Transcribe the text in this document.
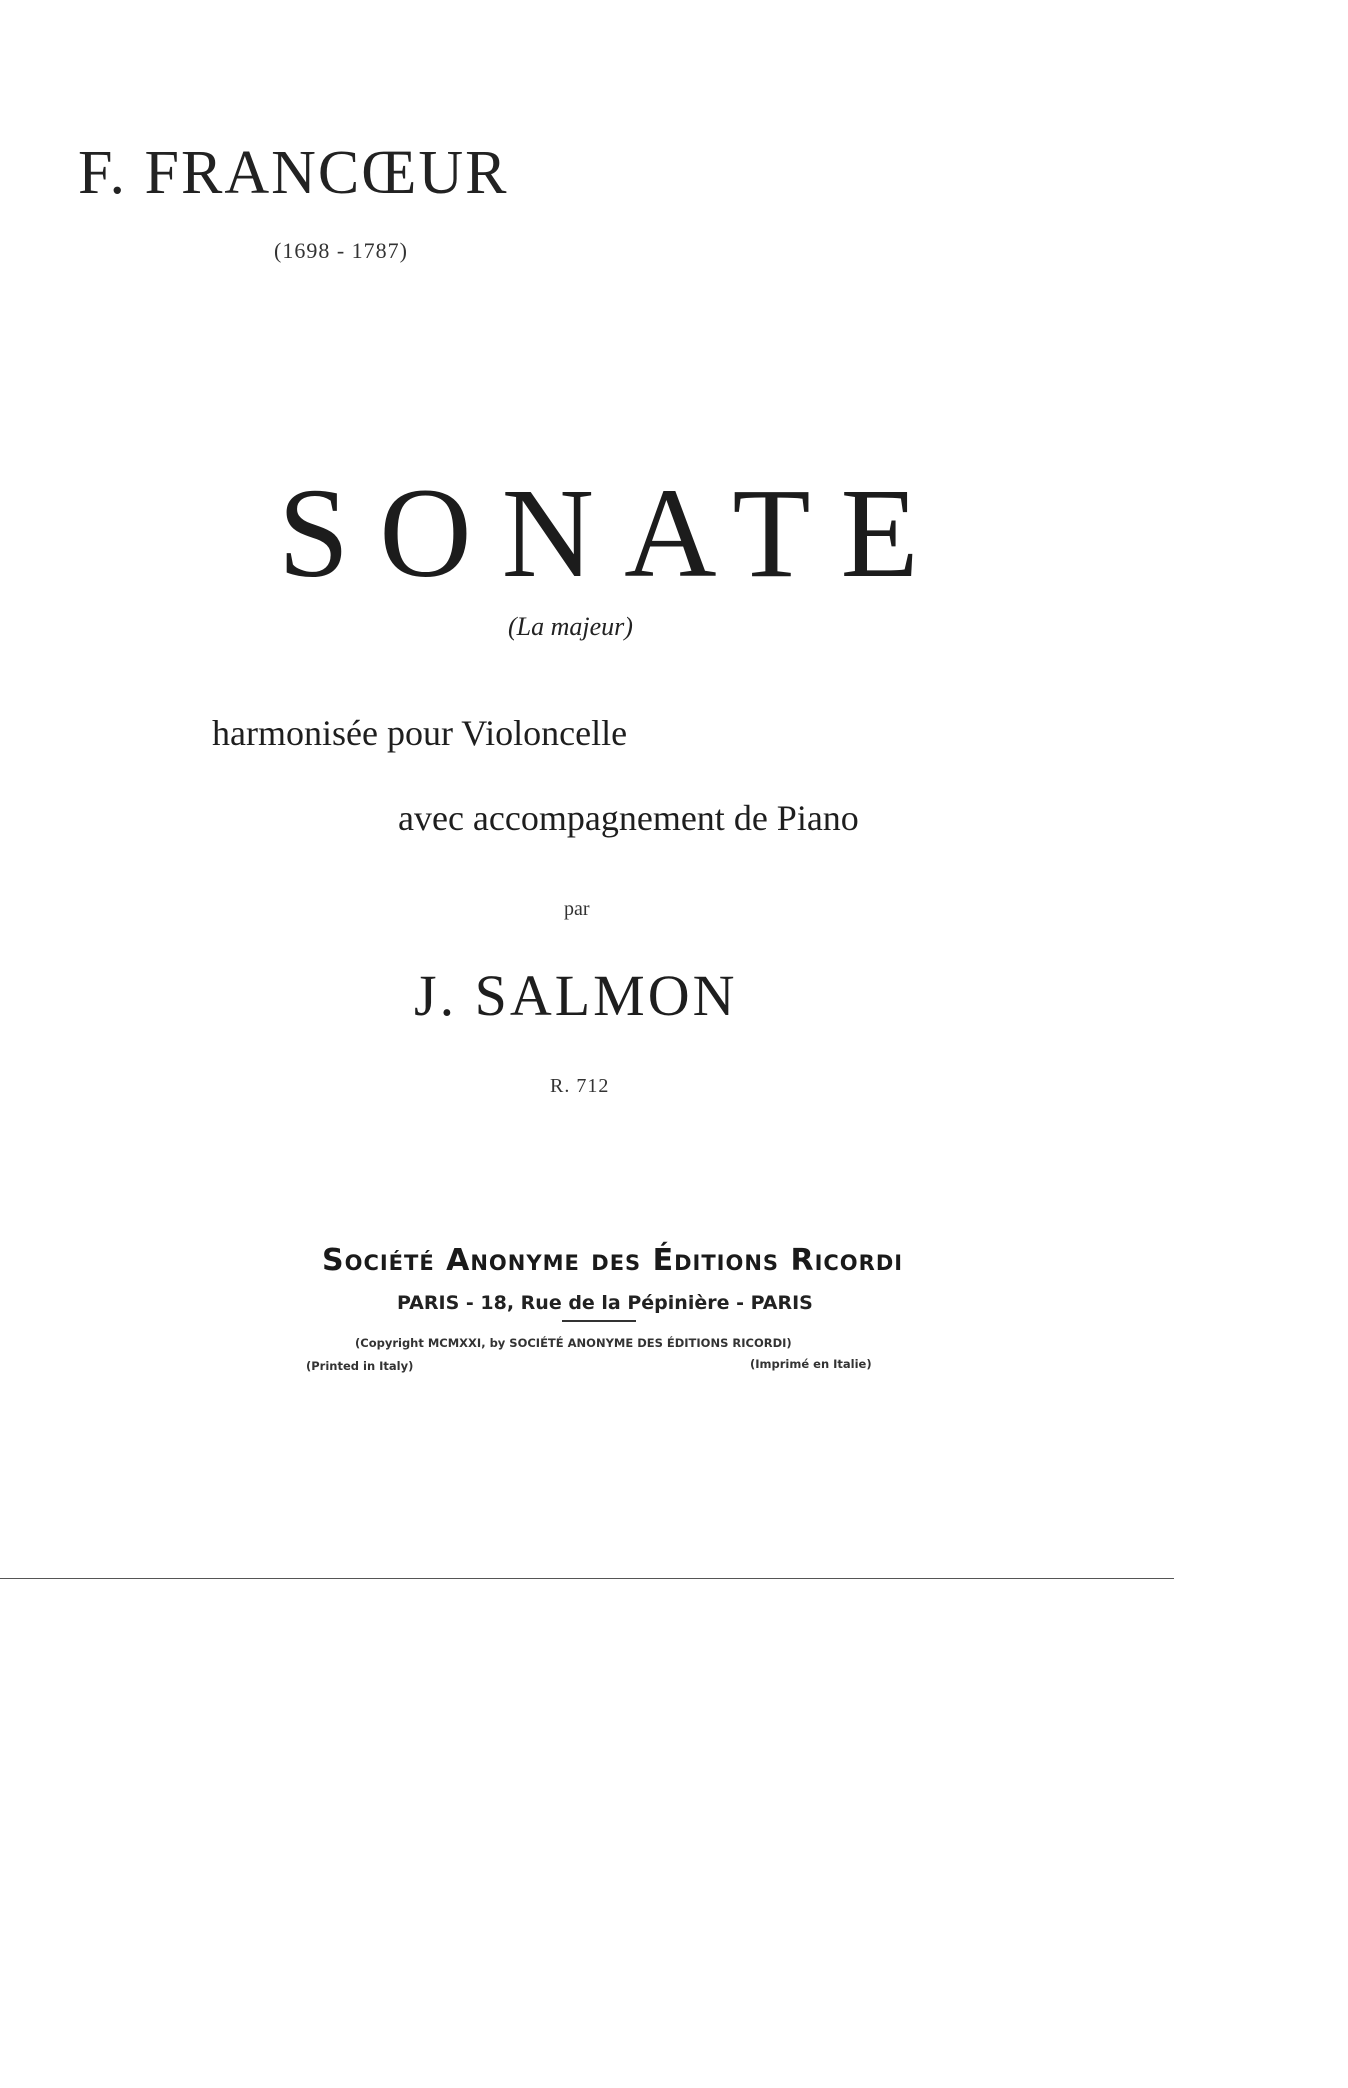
F. FRANCŒUR
(1698 - 1787)
SONATE
(La majeur)
harmonisée pour Violoncelle
avec accompagnement de Piano
par
J. SALMON
R. 712
Société Anonyme des Éditions Ricordi
PARIS - 18, Rue de la Pépinière - PARIS
(Copyright MCMXXI, by SOCIÉTÉ ANONYME DES ÉDITIONS RICORDI)
(Printed in Italy)	(Imprimé en Italie)
